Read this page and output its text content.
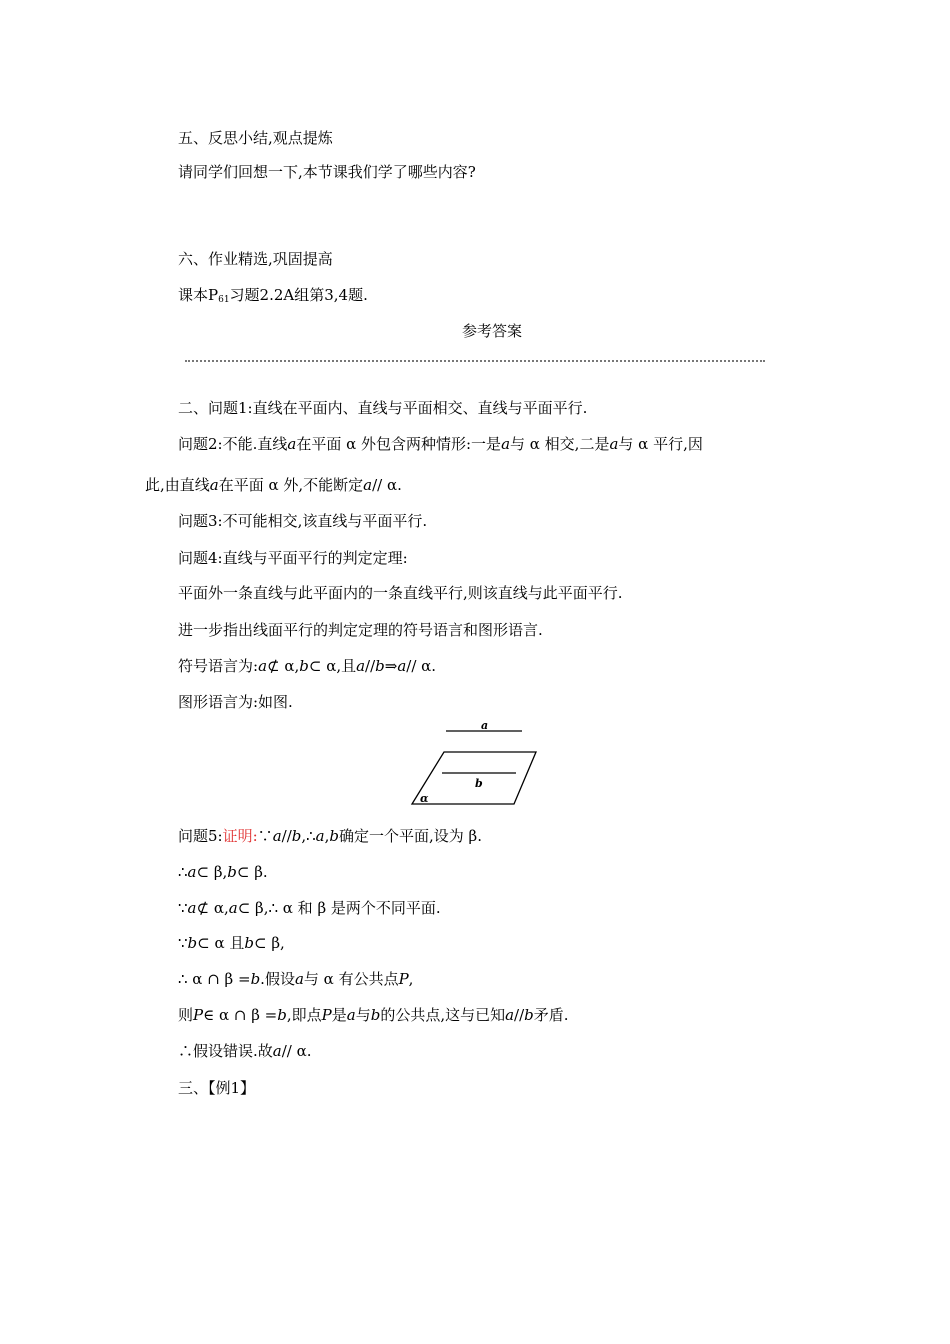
五、反思小结,观点提炼
请同学们回想一下,本节课我们学了哪些内容?
六、作业精选,巩固提高
课本$P_{61}$习题2.2A组第3,4题.
参考答案
二、问题1:直线在平面内、直线与平面相交、直线与平面平行.
问题2:不能.直线a在平面 α 外包含两种情形:一是a与 α 相交,二是a与 α 平行,因
此,由直线a在平面 α 外,不能断定a// α.
问题3:不可能相交,该直线与平面平行.
问题4:直线与平面平行的判定定理:
平面外一条直线与此平面内的一条直线平行,则该直线与此平面平行.
进一步指出线面平行的判定定理的符号语言和图形语言.
符号语言为:a⊄ α,b⊂ α,且a//b⇒a// α.
图形语言为:如图.
a
b
α
问题5:证明:∵a//b,∴a,b确定一个平面,设为 β.
∴a⊂ β,b⊂ β.
∵a⊄ α,a⊂ β,∴ α 和 β 是两个不同平面.
∵b⊂ α 且b⊂ β,
∴ α ∩ β =b.假设a与 α 有公共点P,
则P∈ α ∩ β =b,即点P是a与b的公共点,这与已知a//b矛盾.
∴假设错误.故a// α.
三、【例1】
